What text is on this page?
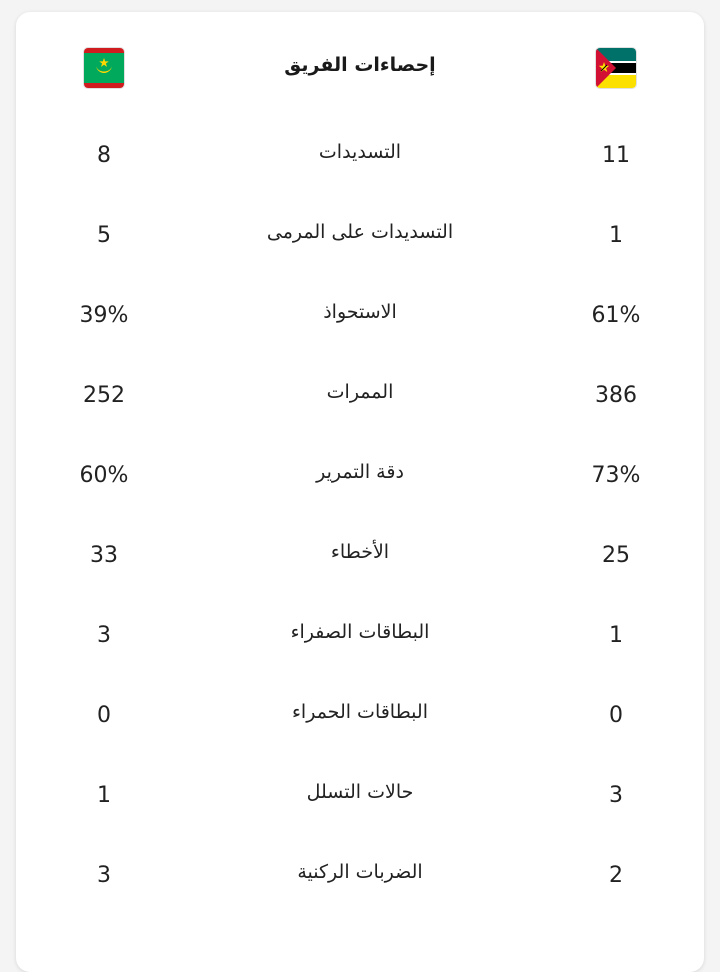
إحصاءات الفريق
8	التسديدات	11
5	التسديدات على المرمى	1
39%	الاستحواذ	61%
252	الممرات	386
60%	دقة التمرير	73%
33	الأخطاء	25
3	البطاقات الصفراء	1
0	البطاقات الحمراء	0
1	حالات التسلل	3
3	الضربات الركنية	2
